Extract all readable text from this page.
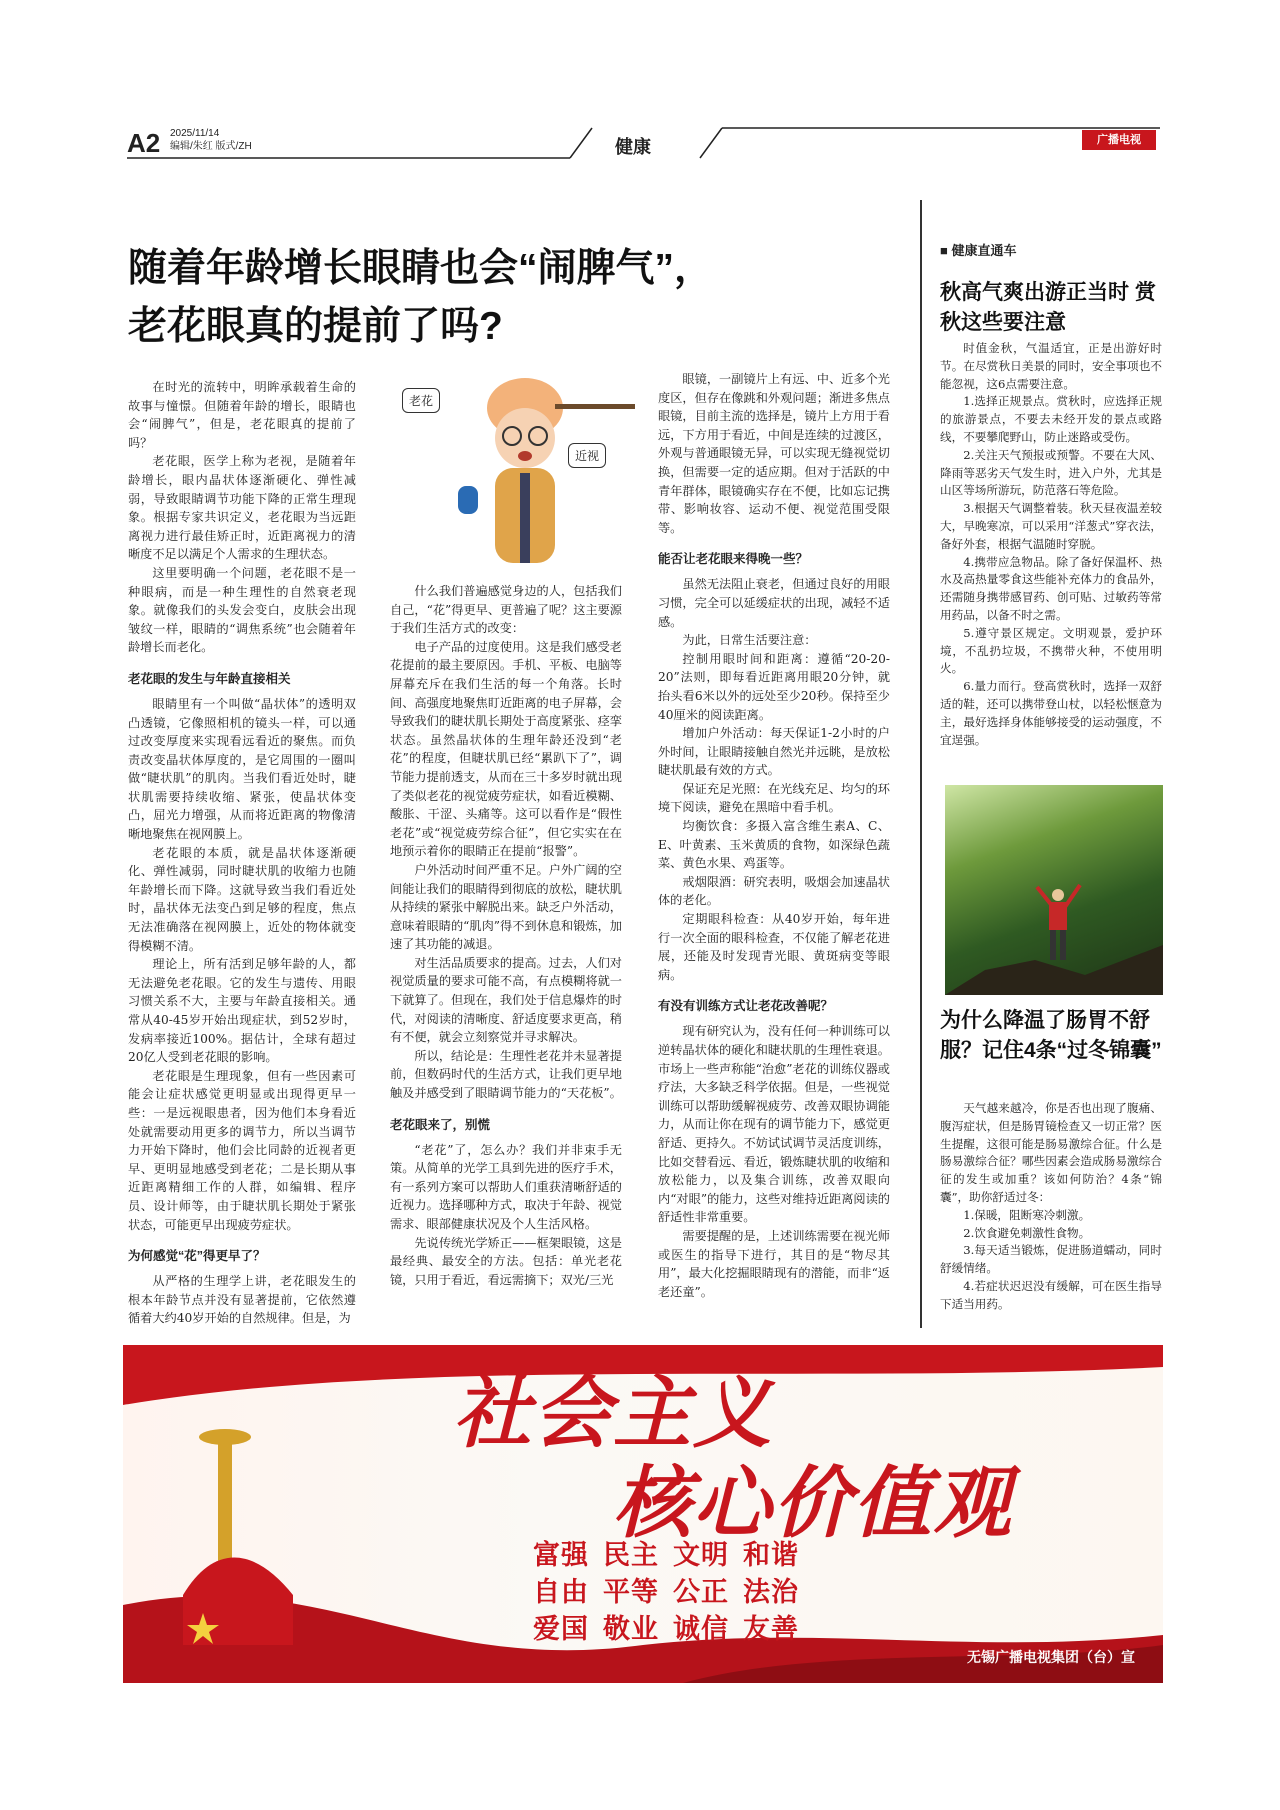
A2 2025/11/14
编辑/朱红 版式/ZH	健康	广播电视
随着年龄增长眼睛也会“闹脾气”，
老花眼真的提前了吗?
老花
近视

在时光的流转中，明眸承载着生命的故事与憧憬。但随着年龄的增长，眼睛也会“闹脾气”，但是，老花眼真的提前了吗？

老花眼，医学上称为老视，是随着年龄增长，眼内晶状体逐渐硬化、弹性减弱，导致眼睛调节功能下降的正常生理现象。根据专家共识定义，老花眼为当远距离视力进行最佳矫正时，近距离视力的清晰度不足以满足个人需求的生理状态。

这里要明确一个问题，老花眼不是一种眼病，而是一种生理性的自然衰老现象。就像我们的头发会变白，皮肤会出现皱纹一样，眼睛的“调焦系统”也会随着年龄增长而老化。

老花眼的发生与年龄直接相关

眼睛里有一个叫做“晶状体”的透明双凸透镜，它像照相机的镜头一样，可以通过改变厚度来实现看远看近的聚焦。而负责改变晶状体厚度的，是它周围的一圈叫做“睫状肌”的肌肉。当我们看近处时，睫状肌需要持续收缩、紧张，使晶状体变凸，屈光力增强，从而将近距离的物像清晰地聚焦在视网膜上。

老花眼的本质，就是晶状体逐渐硬化、弹性减弱，同时睫状肌的收缩力也随年龄增长而下降。这就导致当我们看近处时，晶状体无法变凸到足够的程度，焦点无法准确落在视网膜上，近处的物体就变得模糊不清。

理论上，所有活到足够年龄的人，都无法避免老花眼。它的发生与遗传、用眼习惯关系不大，主要与年龄直接相关。通常从40-45岁开始出现症状，到52岁时，发病率接近100%。据估计，全球有超过20亿人受到老花眼的影响。

老花眼是生理现象，但有一些因素可能会让症状感觉更明显或出现得更早一些：一是远视眼患者，因为他们本身看近处就需要动用更多的调节力，所以当调节力开始下降时，他们会比同龄的近视者更早、更明显地感受到老花；二是长期从事近距离精细工作的人群，如编辑、程序员、设计师等，由于睫状肌长期处于紧张状态，可能更早出现疲劳症状。

为何感觉“花”得更早了？

从严格的生理学上讲，老花眼发生的根本年龄节点并没有显著提前，它依然遵循着大约40岁开始的自然规律。但是，为

什么我们普遍感觉身边的人，包括我们自己，“花”得更早、更普遍了呢？这主要源于我们生活方式的改变：

电子产品的过度使用。这是我们感受老花提前的最主要原因。手机、平板、电脑等屏幕充斥在我们生活的每一个角落。长时间、高强度地聚焦盯近距离的电子屏幕，会导致我们的睫状肌长期处于高度紧张、痉挛状态。虽然晶状体的生理年龄还没到“老花”的程度，但睫状肌已经“累趴下了”，调节能力提前透支，从而在三十多岁时就出现了类似老花的视觉疲劳症状，如看近模糊、酸胀、干涩、头痛等。这可以看作是“假性老花”或“视觉疲劳综合征”，但它实实在在地预示着你的眼睛正在提前“报警”。

户外活动时间严重不足。户外广阔的空间能让我们的眼睛得到彻底的放松，睫状肌从持续的紧张中解脱出来。缺乏户外活动，意味着眼睛的“肌肉”得不到休息和锻炼，加速了其功能的减退。

对生活品质要求的提高。过去，人们对视觉质量的要求可能不高，有点模糊将就一下就算了。但现在，我们处于信息爆炸的时代，对阅读的清晰度、舒适度要求更高，稍有不便，就会立刻察觉并寻求解决。

所以，结论是：生理性老花并未显著提前，但数码时代的生活方式，让我们更早地触及并感受到了眼睛调节能力的“天花板”。

老花眼来了，别慌

“老花”了，怎么办？我们并非束手无策。从简单的光学工具到先进的医疗手术，有一系列方案可以帮助人们重获清晰舒适的近视力。选择哪种方式，取决于年龄、视觉需求、眼部健康状况及个人生活风格。

先说传统光学矫正——框架眼镜，这是最经典、最安全的方法。包括：单光老花镜，只用于看近，看远需摘下；双光/三光

眼镜，一副镜片上有远、中、近多个光度区，但存在像跳和外观问题；渐进多焦点眼镜，目前主流的选择是，镜片上方用于看远，下方用于看近，中间是连续的过渡区，外观与普通眼镜无异，可以实现无缝视觉切换，但需要一定的适应期。但对于活跃的中青年群体，眼镜确实存在不便，比如忘记携带、影响妆容、运动不便、视觉范围受限等。

能否让老花眼来得晚一些？

虽然无法阻止衰老，但通过良好的用眼习惯，完全可以延缓症状的出现，减轻不适感。

为此，日常生活要注意：

控制用眼时间和距离：遵循“20-20-20”法则，即每看近距离用眼20分钟，就抬头看6米以外的远处至少20秒。保持至少40厘米的阅读距离。

增加户外活动：每天保证1-2小时的户外时间，让眼睛接触自然光并远眺，是放松睫状肌最有效的方式。

保证充足光照：在光线充足、均匀的环境下阅读，避免在黑暗中看手机。

均衡饮食：多摄入富含维生素A、C、E、叶黄素、玉米黄质的食物，如深绿色蔬菜、黄色水果、鸡蛋等。

戒烟限酒：研究表明，吸烟会加速晶状体的老化。

定期眼科检查：从40岁开始，每年进行一次全面的眼科检查，不仅能了解老花进展，还能及时发现青光眼、黄斑病变等眼病。

有没有训练方式让老花改善呢？

现有研究认为，没有任何一种训练可以逆转晶状体的硬化和睫状肌的生理性衰退。市场上一些声称能“治愈”老花的训练仪器或疗法，大多缺乏科学依据。但是，一些视觉训练可以帮助缓解视疲劳、改善双眼协调能力，从而让你在现有的调节能力下，感觉更舒适、更持久。不妨试试调节灵活度训练，比如交替看远、看近，锻炼睫状肌的收缩和放松能力，以及集合训练，改善双眼向内“对眼”的能力，这些对维持近距离阅读的舒适性非常重要。

需要提醒的是，上述训练需要在视光师或医生的指导下进行，其目的是“物尽其用”，最大化挖掘眼睛现有的潜能，而非“返老还童”。

■ 健康直通车
秋高气爽出游正当时 赏秋这些要注意

时值金秋，气温适宜，正是出游好时节。在尽赏秋日美景的同时，安全事项也不能忽视，这6点需要注意。

1.选择正规景点。赏秋时，应选择正规的旅游景点，不要去未经开发的景点或路线，不要攀爬野山，防止迷路或受伤。

2.关注天气预报或预警。不要在大风、降雨等恶劣天气发生时，进入户外，尤其是山区等场所游玩，防范落石等危险。

3.根据天气调整着装。秋天昼夜温差较大，早晚寒凉，可以采用“洋葱式”穿衣法，备好外套，根据气温随时穿脱。

4.携带应急物品。除了备好保温杯、热水及高热量零食这些能补充体力的食品外，还需随身携带感冒药、创可贴、过敏药等常用药品，以备不时之需。

5.遵守景区规定。文明观景，爱护环境，不乱扔垃圾，不携带火种，不使用明火。

6.量力而行。登高赏秋时，选择一双舒适的鞋，还可以携带登山杖，以轻松惬意为主，最好选择身体能够接受的运动强度，不宜逞强。

为什么降温了肠胃不舒服？记住4条“过冬锦囊”

天气越来越冷，你是否也出现了腹痛、腹泻症状，但是肠胃镜检查又一切正常？医生提醒，这很可能是肠易激综合征。什么是肠易激综合征？哪些因素会造成肠易激综合征的发生或加重？该如何防治？4条“锦囊”，助你舒适过冬：

1.保暖，阻断寒冷刺激。

2.饮食避免刺激性食物。

3.每天适当锻炼，促进肠道蠕动，同时舒缓情绪。

4.若症状迟迟没有缓解，可在医生指导下适当用药。

社会主义
核心价值观
富强 民主 文明 和谐
自由 平等 公正 法治
爱国 敬业 诚信 友善
无锡广播电视集团（台）宣
